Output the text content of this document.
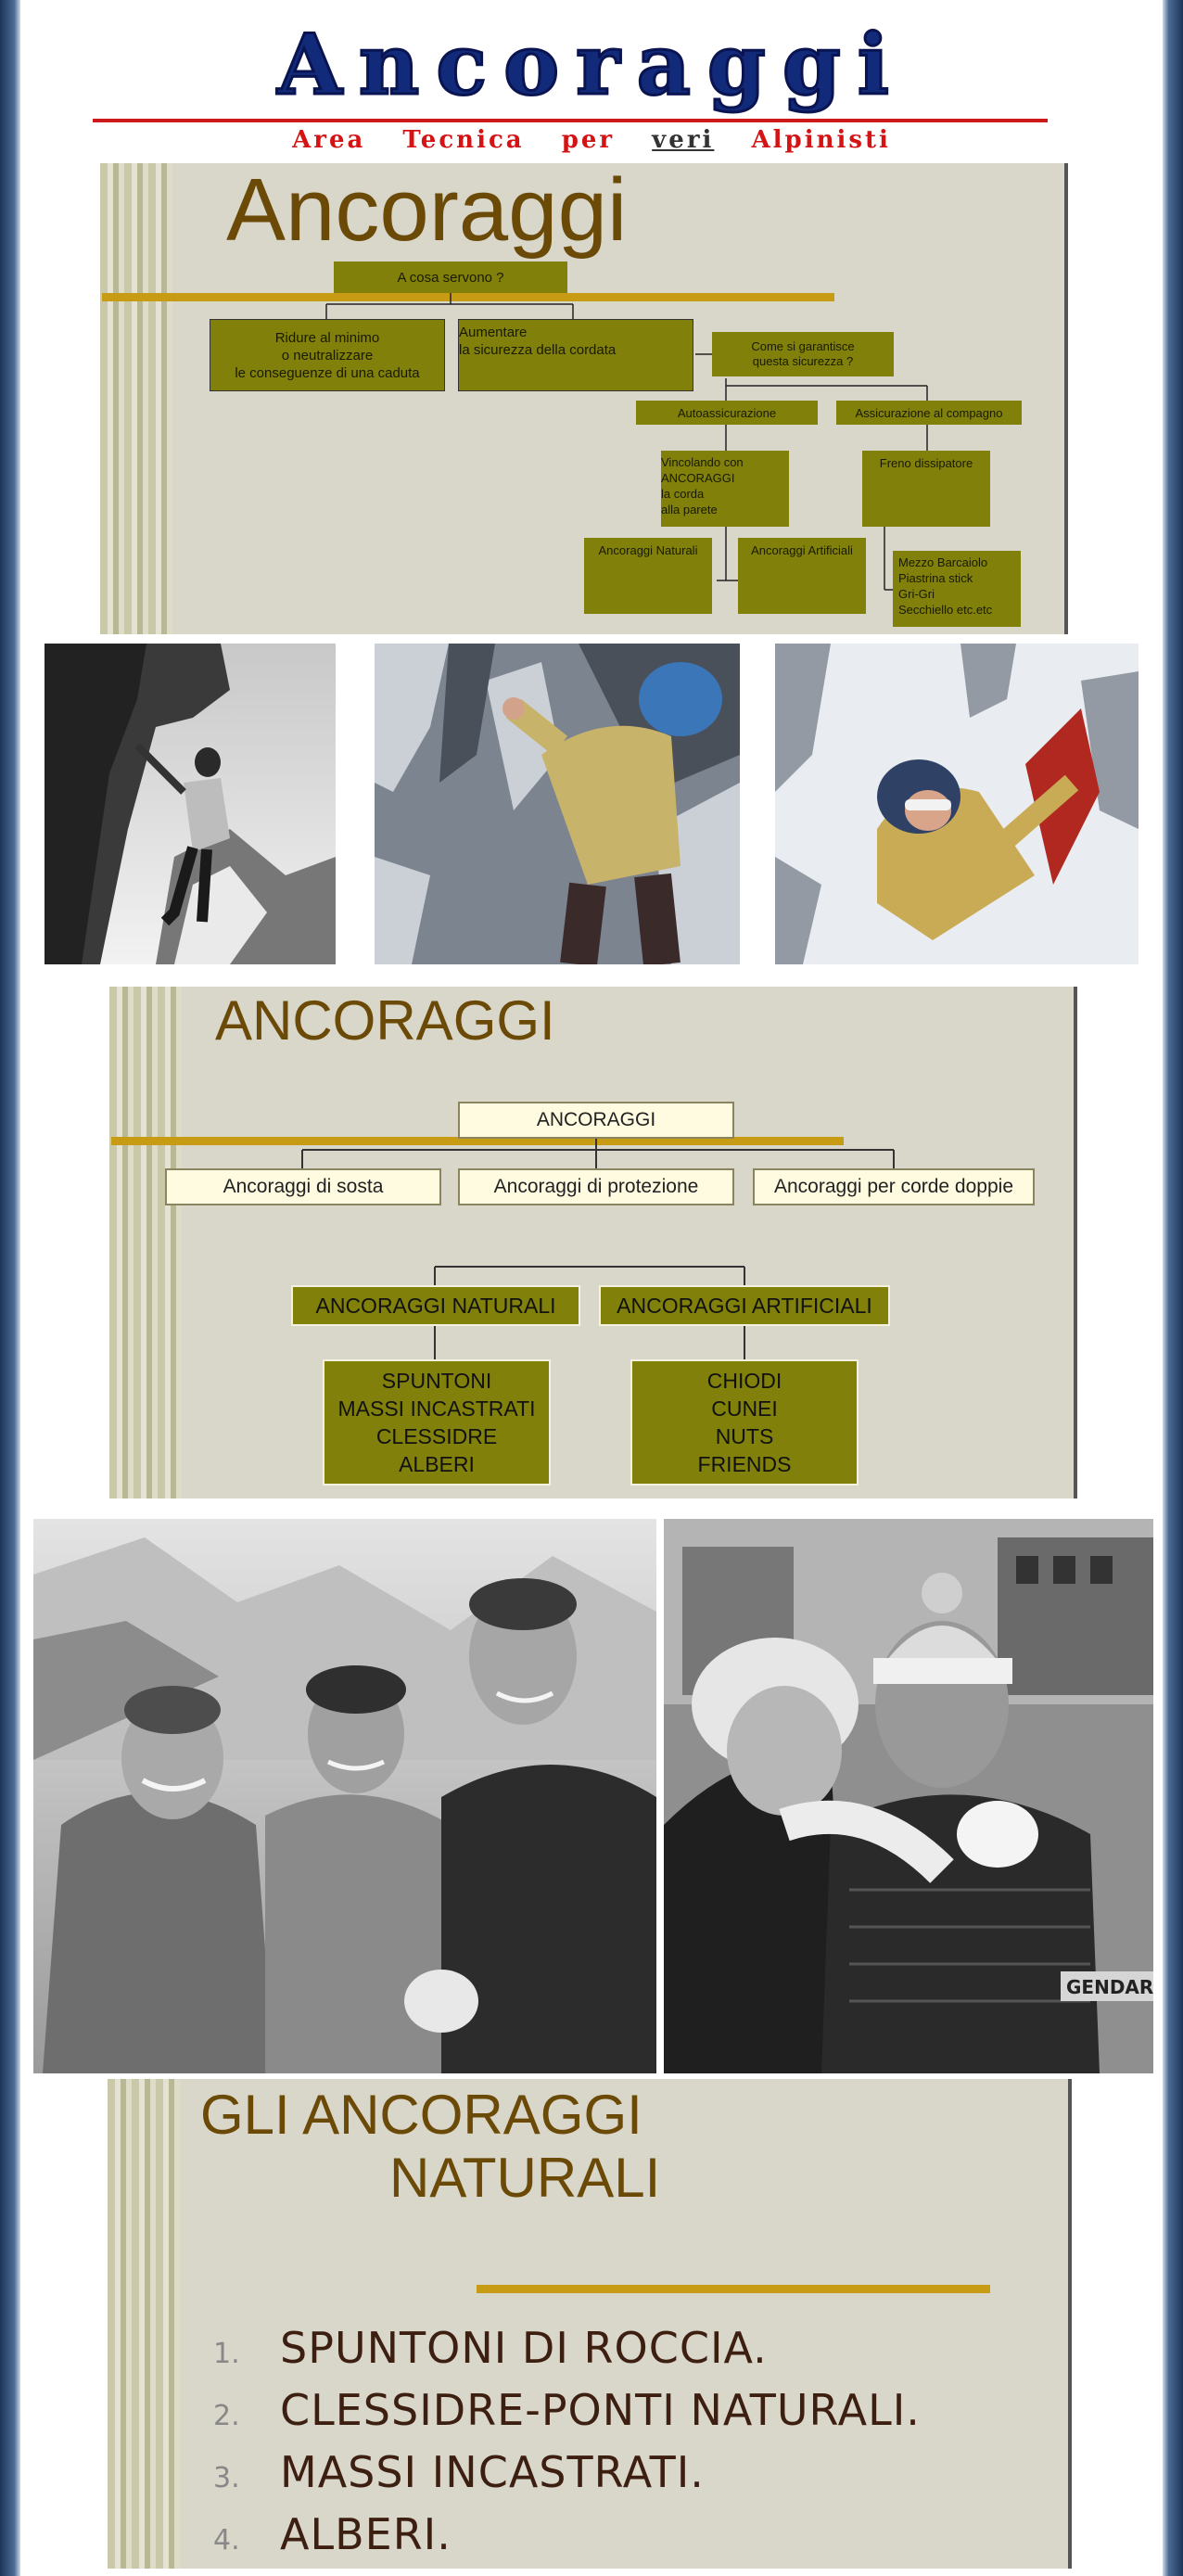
Ancoraggi
Area Tecnica per veri Alpinisti
Ancoraggi
A cosa servono ?
Ridure al minimo
o neutralizzare
le conseguenze di una caduta
Aumentare
la sicurezza della cordata	Come si garantisce
questa sicurezza ?
Autoassicurazione	Assicurazione al compagno
Vincolando con
ANCORAGGI
la corda
alla parete
Freno dissipatore
Ancoraggi Naturali	Ancoraggi Artificiali
Mezzo Barcaiolo
Piastrina stick
Gri-Gri
Secchiello etc.etc
ANCORAGGI
ANCORAGGI
Ancoraggi di sosta	Ancoraggi di protezione	Ancoraggi per corde doppie
ANCORAGGI NATURALI	ANCORAGGI ARTIFICIALI
SPUNTONI
MASSI INCASTRATI
CLESSIDRE
ALBERI
CHIODI
CUNEI
NUTS
FRIENDS
GENDAR
GLI ANCORAGGI
NATURALI
1. SPUNTONI DI ROCCIA.
2. CLESSIDRE-PONTI NATURALI.
3. MASSI INCASTRATI.
4. ALBERI.
